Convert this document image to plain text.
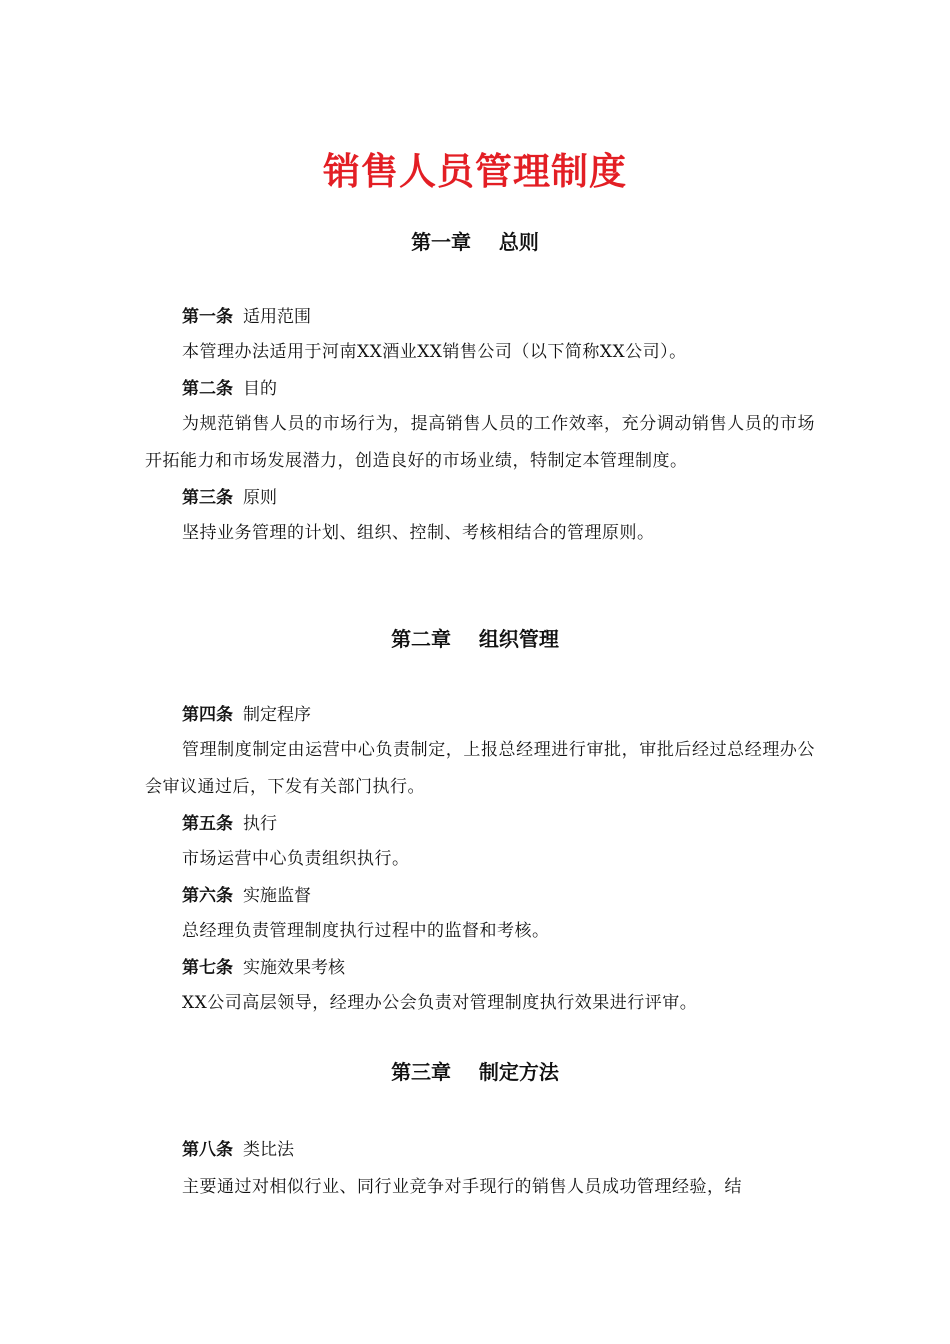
销售人员管理制度
第一章    总则
第一条 适用范围
本管理办法适用于河南XX酒业XX销售公司（以下简称XX公司）。
第二条 目的
为规范销售人员的市场行为，提高销售人员的工作效率，充分调动销售人员的市场开拓能力和市场发展潜力，创造良好的市场业绩，特制定本管理制度。
第三条 原则
坚持业务管理的计划、组织、控制、考核相结合的管理原则。
第二章    组织管理
第四条 制定程序
管理制度制定由运营中心负责制定，上报总经理进行审批，审批后经过总经理办公会审议通过后，下发有关部门执行。
第五条 执行
市场运营中心负责组织执行。
第六条 实施监督
总经理负责管理制度执行过程中的监督和考核。
第七条 实施效果考核
XX公司高层领导，经理办公会负责对管理制度执行效果进行评审。
第三章    制定方法
第八条 类比法
主要通过对相似行业、同行业竞争对手现行的销售人员成功管理经验，结
